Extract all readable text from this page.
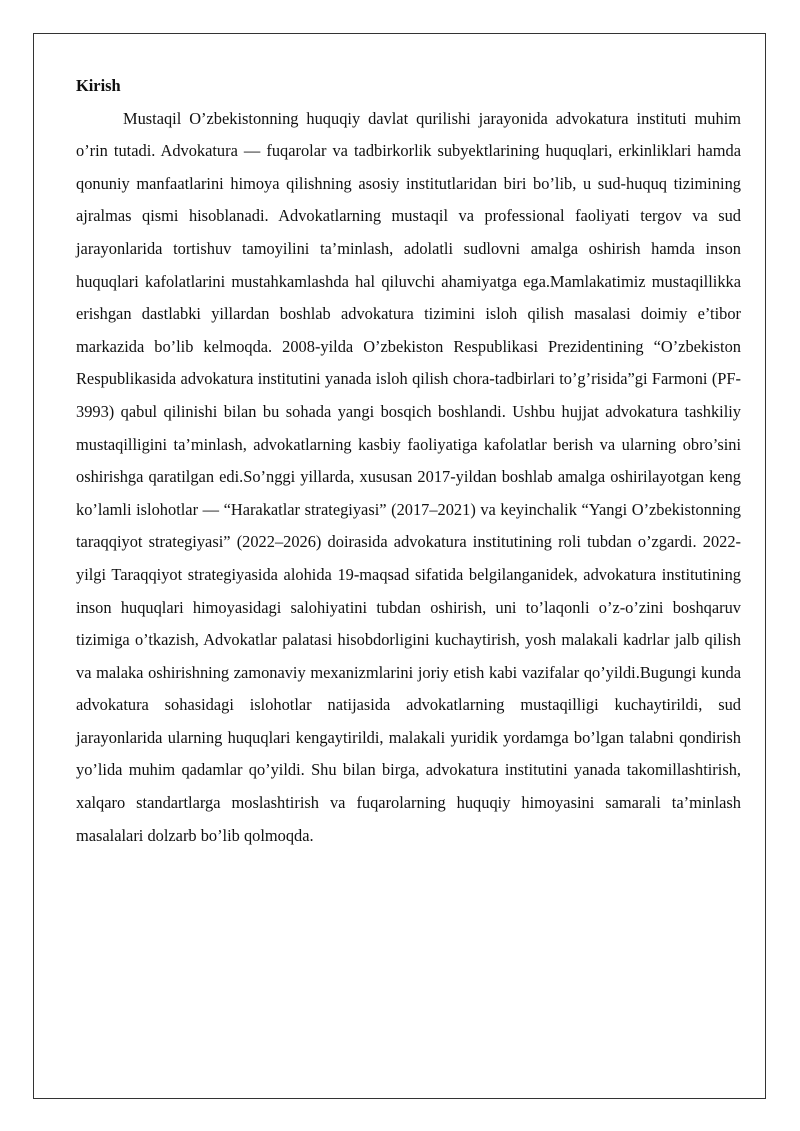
Kirish

Mustaqil O’zbekistonning huquqiy davlat qurilishi jarayonida advokatura instituti muhim o’rin tutadi. Advokatura — fuqarolar va tadbirkorlik subyektlarining huquqlari, erkinliklari hamda qonuniy manfaatlarini himoya qilishning asosiy institutlaridan biri bo’lib, u sud-huquq tizimining ajralmas qismi hisoblanadi. Advokatlarning mustaqil va professional faoliyati tergov va sud jarayonlarida tortishuv tamoyilini ta’minlash, adolatli sudlovni amalga oshirish hamda inson huquqlari kafolatlarini mustahkamlashda hal qiluvchi ahamiyatga ega.Mamlakatimiz mustaqillikka erishgan dastlabki yillardan boshlab advokatura tizimini isloh qilish masalasi doimiy e’tibor markazida bo’lib kelmoqda. 2008-yilda O’zbekiston Respublikasi Prezidentining “O’zbekiston Respublikasida advokatura institutini yanada isloh qilish chora-tadbirlari to’g’risida”gi Farmoni (PF-3993) qabul qilinishi bilan bu sohada yangi bosqich boshlandi. Ushbu hujjat advokatura tashkiliy mustaqilligini ta’minlash, advokatlarning kasbiy faoliyatiga kafolatlar berish va ularning obro’sini oshirishga qaratilgan edi.So’nggi yillarda, xususan 2017-yildan boshlab amalga oshirilayotgan keng ko’lamli islohotlar — “Harakatlar strategiyasi” (2017–2021) va keyinchalik “Yangi O’zbekistonning taraqqiyot strategiyasi” (2022–2026) doirasida advokatura institutining roli tubdan o’zgardi. 2022-yilgi Taraqqiyot strategiyasida alohida 19-maqsad sifatida belgilanganidek, advokatura institutining inson huquqlari himoyasidagi salohiyatini tubdan oshirish, uni to’laqonli o’z-o’zini boshqaruv tizimiga o’tkazish, Advokatlar palatasi hisobdorligini kuchaytirish, yosh malakali kadrlar jalb qilish va malaka oshirishning zamonaviy mexanizmlarini joriy etish kabi vazifalar qo’yildi.Bugungi kunda advokatura sohasidagi islohotlar natijasida advokatlarning mustaqilligi kuchaytirildi, sud jarayonlarida ularning huquqlari kengaytirildi, malakali yuridik yordamga bo’lgan talabni qondirish yo’lida muhim qadamlar qo’yildi. Shu bilan birga, advokatura institutini yanada takomillashtirish, xalqaro standartlarga moslashtirish va fuqarolarning huquqiy himoyasini samarali ta’minlash masalalari dolzarb bo’lib qolmoqda.
